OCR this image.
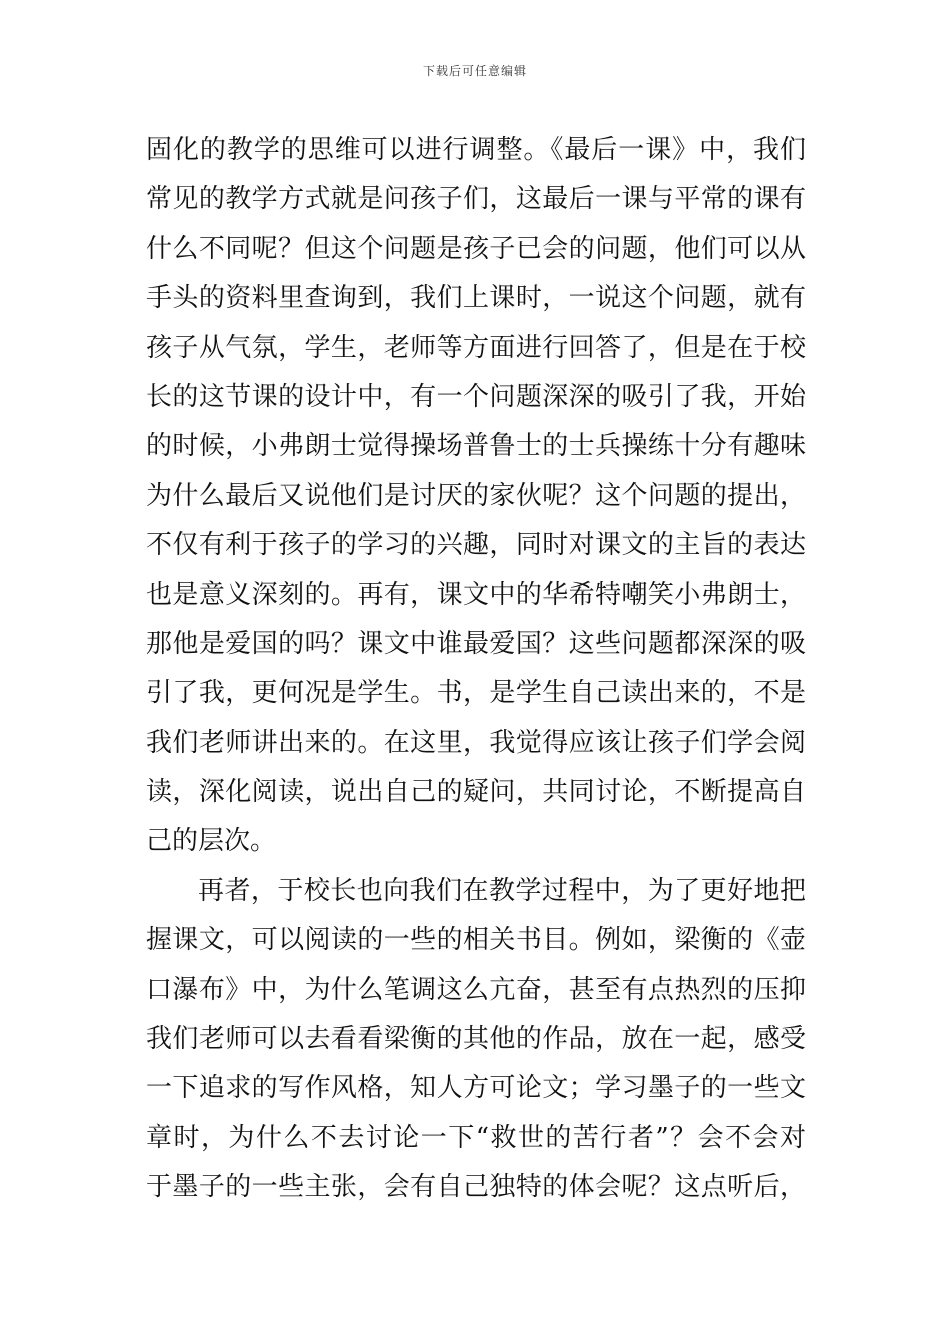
下载后可任意编辑
固化的教学的思维可以进行调整。《最后一课》中，我们
常见的教学方式就是问孩子们，这最后一课与平常的课有
什么不同呢？但这个问题是孩子已会的问题，他们可以从
手头的资料里查询到，我们上课时，一说这个问题，就有
孩子从气氛，学生，老师等方面进行回答了，但是在于校
长的这节课的设计中，有一个问题深深的吸引了我，开始
的时候，小弗朗士觉得操场普鲁士的士兵操练十分有趣味
为什么最后又说他们是讨厌的家伙呢？这个问题的提出，
不仅有利于孩子的学习的兴趣，同时对课文的主旨的表达
也是意义深刻的。再有，课文中的华希特嘲笑小弗朗士，
那他是爱国的吗？课文中谁最爱国？这些问题都深深的吸
引了我，更何况是学生。书，是学生自己读出来的，不是
我们老师讲出来的。在这里，我觉得应该让孩子们学会阅
读，深化阅读，说出自己的疑问，共同讨论，不断提高自
己的层次。
再者，于校长也向我们在教学过程中，为了更好地把
握课文，可以阅读的一些的相关书目。例如，梁衡的《壶
口瀑布》中，为什么笔调这么亢奋，甚至有点热烈的压抑
我们老师可以去看看梁衡的其他的作品，放在一起，感受
一下追求的写作风格，知人方可论文；学习墨子的一些文
章时，为什么不去讨论一下“救世的苦行者”？会不会对
于墨子的一些主张，会有自己独特的体会呢？这点听后，
